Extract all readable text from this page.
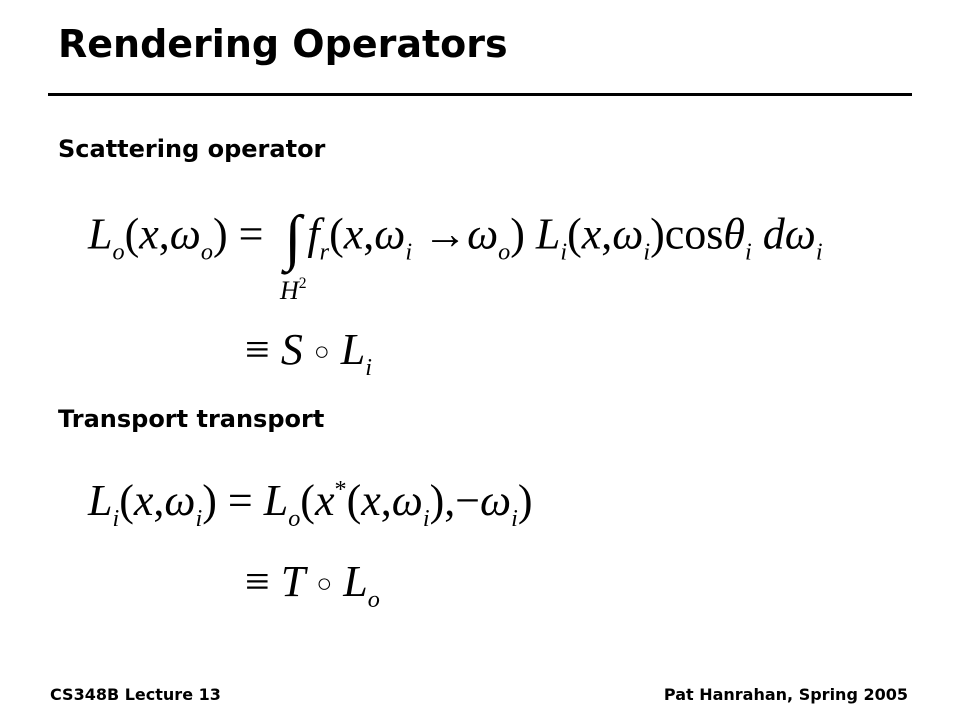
Rendering Operators
Scattering operator
$L_o(x,\omega_o)$ = ∫ $f_r(x,\omega_i \to\omega_o)$ $L_i(x,\omega_i)\cos\theta_i$ $d\omega_i$
$H^2$
≡ S ○ $L_i$
Transport transport
$L_i(x,\omega_i) = L_o(x^*(x,\omega_i),-\omega_i)$
≡ T ○ $L_o$
CS348B Lecture 13	Pat Hanrahan, Spring 2005
